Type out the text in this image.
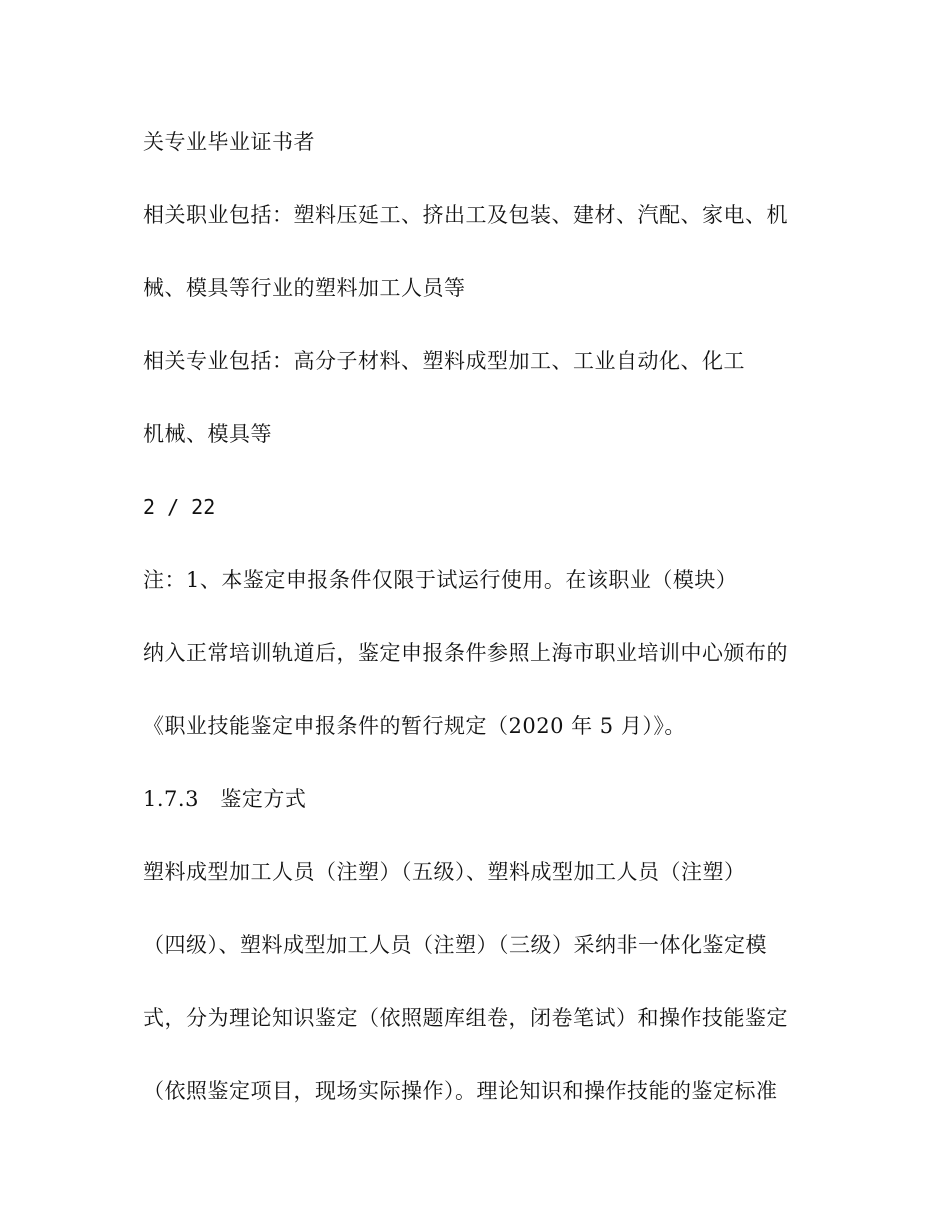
关专业毕业证书者

相关职业包括：塑料压延工、挤出工及包装、建材、汽配、家电、机

械、模具等行业的塑料加工人员等

相关专业包括：高分子材料、塑料成型加工、工业自动化、化工

机械、模具等

2 / 22

注：1、本鉴定申报条件仅限于试运行使用。在该职业（模块）

纳入正常培训轨道后，鉴定申报条件参照上海市职业培训中心颁布的

《职业技能鉴定申报条件的暂行规定（2020 年 5 月）》。

1.7.3　鉴定方式

塑料成型加工人员（注塑）（五级）、塑料成型加工人员（注塑）

（四级）、塑料成型加工人员（注塑）（三级）采纳非一体化鉴定模

式，分为理论知识鉴定（依照题库组卷，闭卷笔试）和操作技能鉴定

（依照鉴定项目，现场实际操作）。理论知识和操作技能的鉴定标准
